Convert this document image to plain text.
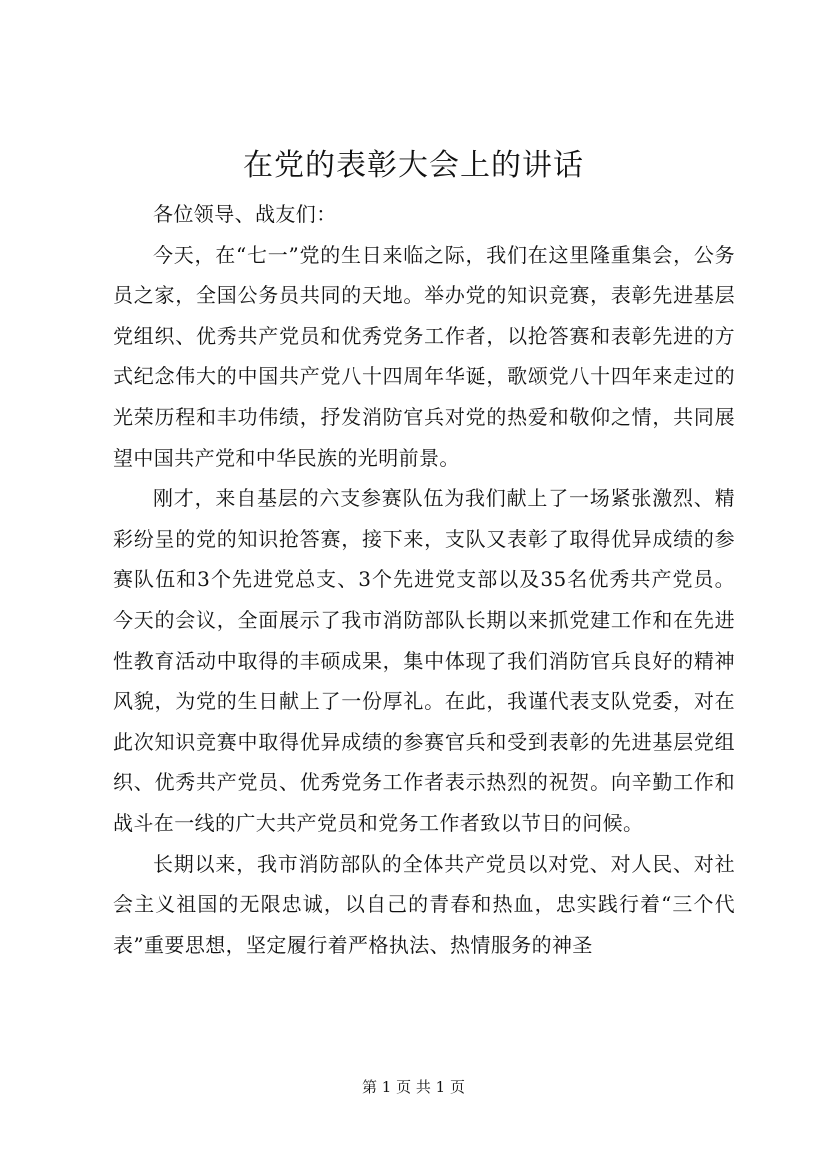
在党的表彰大会上的讲话

各位领导、战友们：

今天，在“七一”党的生日来临之际，我们在这里隆重集会，公务员之家，全国公务员共同的天地。举办党的知识竞赛，表彰先进基层党组织、优秀共产党员和优秀党务工作者，以抢答赛和表彰先进的方式纪念伟大的中国共产党八十四周年华诞，歌颂党八十四年来走过的光荣历程和丰功伟绩，抒发消防官兵对党的热爱和敬仰之情，共同展望中国共产党和中华民族的光明前景。

刚才，来自基层的六支参赛队伍为我们献上了一场紧张激烈、精彩纷呈的党的知识抢答赛，接下来，支队又表彰了取得优异成绩的参赛队伍和3个先进党总支、3个先进党支部以及35名优秀共产党员。今天的会议，全面展示了我市消防部队长期以来抓党建工作和在先进性教育活动中取得的丰硕成果，集中体现了我们消防官兵良好的精神风貌，为党的生日献上了一份厚礼。在此，我谨代表支队党委，对在此次知识竞赛中取得优异成绩的参赛官兵和受到表彰的先进基层党组织、优秀共产党员、优秀党务工作者表示热烈的祝贺。向辛勤工作和战斗在一线的广大共产党员和党务工作者致以节日的问候。

长期以来，我市消防部队的全体共产党员以对党、对人民、对社会主义祖国的无限忠诚，以自己的青春和热血，忠实践行着“三个代表”重要思想，坚定履行着严格执法、热情服务的神圣

第 1 页 共 1 页
